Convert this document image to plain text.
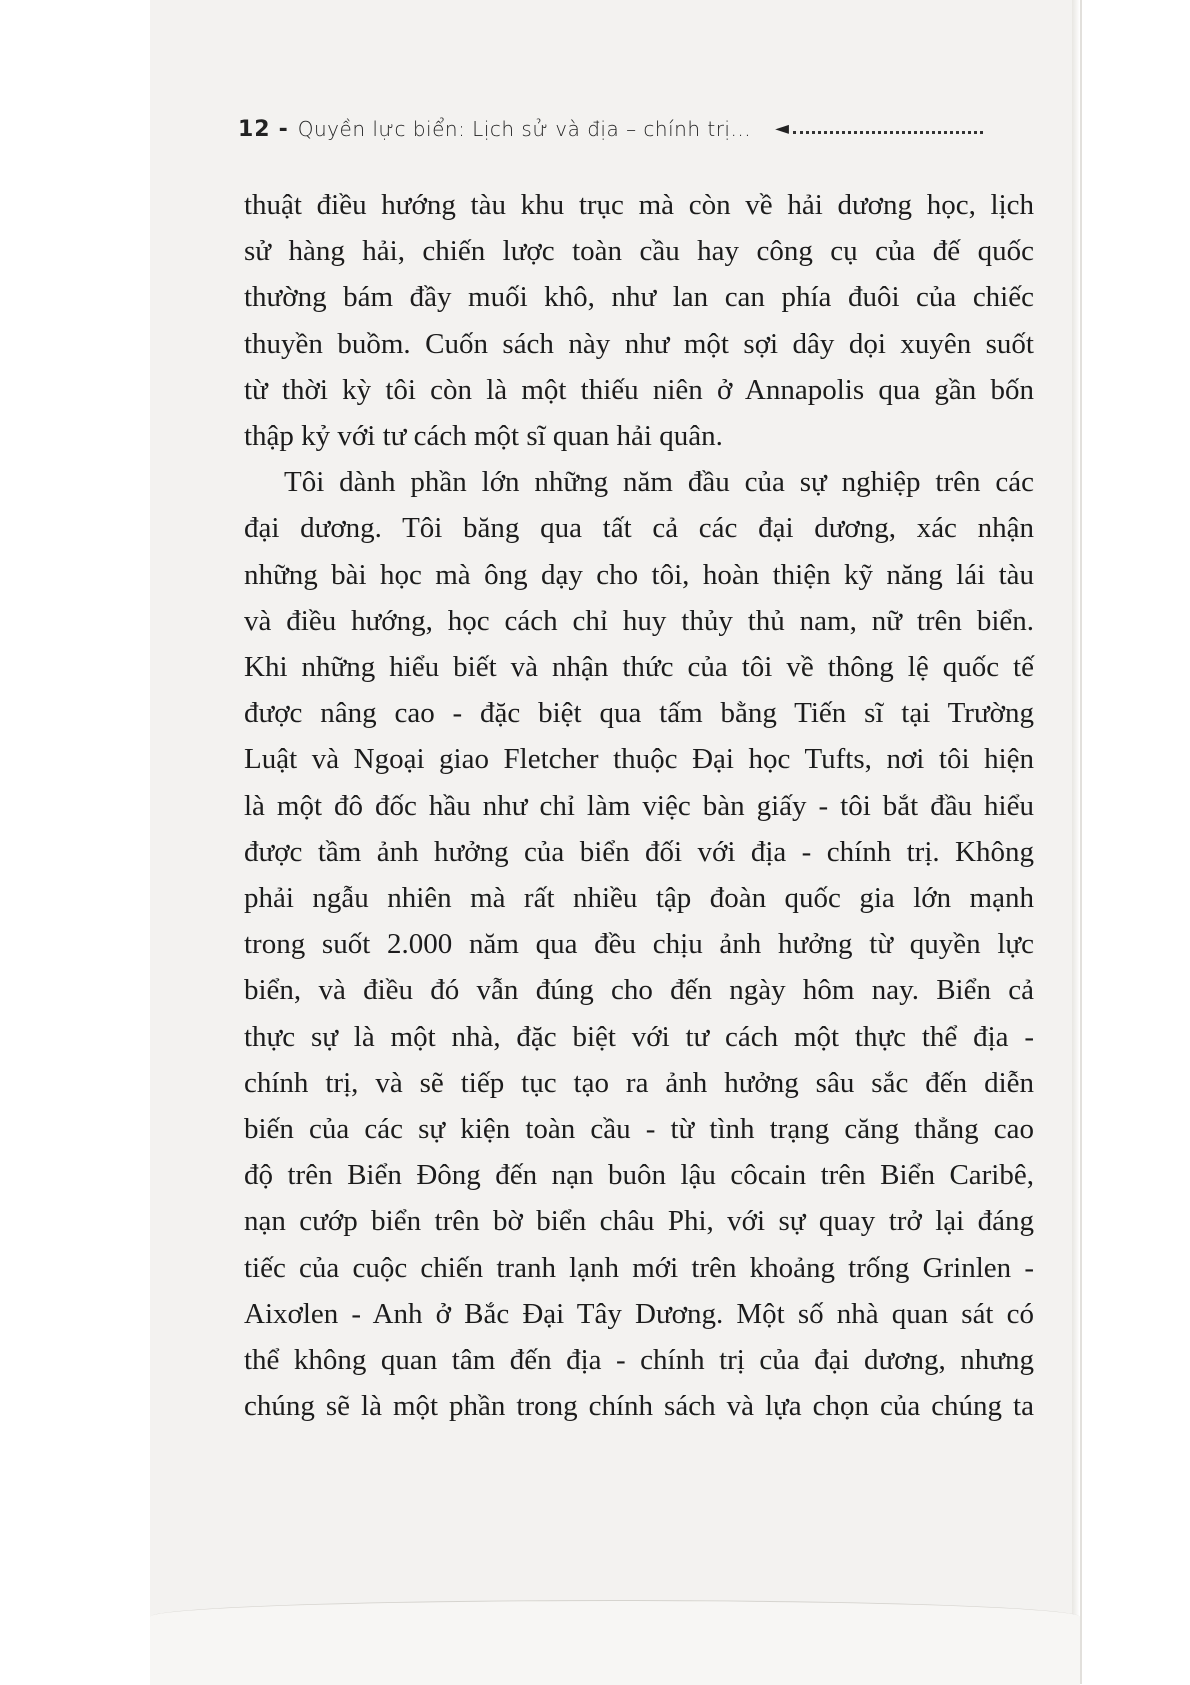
12 - Quyền lực biển: Lịch sử và địa – chính trị... ◄
thuật điều hướng tàu khu trục mà còn về hải dương học, lịch
sử hàng hải, chiến lược toàn cầu hay công cụ của đế quốc
thường bám đầy muối khô, như lan can phía đuôi của chiếc
thuyền buồm. Cuốn sách này như một sợi dây dọi xuyên suốt
từ thời kỳ tôi còn là một thiếu niên ở Annapolis qua gần bốn
thập kỷ với tư cách một sĩ quan hải quân.
Tôi dành phần lớn những năm đầu của sự nghiệp trên các
đại dương. Tôi băng qua tất cả các đại dương, xác nhận
những bài học mà ông dạy cho tôi, hoàn thiện kỹ năng lái tàu
và điều hướng, học cách chỉ huy thủy thủ nam, nữ trên biển.
Khi những hiểu biết và nhận thức của tôi về thông lệ quốc tế
được nâng cao - đặc biệt qua tấm bằng Tiến sĩ tại Trường
Luật và Ngoại giao Fletcher thuộc Đại học Tufts, nơi tôi hiện
là một đô đốc hầu như chỉ làm việc bàn giấy - tôi bắt đầu hiểu
được tầm ảnh hưởng của biển đối với địa - chính trị. Không
phải ngẫu nhiên mà rất nhiều tập đoàn quốc gia lớn mạnh
trong suốt 2.000 năm qua đều chịu ảnh hưởng từ quyền lực
biển, và điều đó vẫn đúng cho đến ngày hôm nay. Biển cả
thực sự là một nhà, đặc biệt với tư cách một thực thể địa -
chính trị, và sẽ tiếp tục tạo ra ảnh hưởng sâu sắc đến diễn
biến của các sự kiện toàn cầu - từ tình trạng căng thẳng cao
độ trên Biển Đông đến nạn buôn lậu côcain trên Biển Caribê,
nạn cướp biển trên bờ biển châu Phi, với sự quay trở lại đáng
tiếc của cuộc chiến tranh lạnh mới trên khoảng trống Grinlen -
Aixơlen - Anh ở Bắc Đại Tây Dương. Một số nhà quan sát có
thể không quan tâm đến địa - chính trị của đại dương, nhưng
chúng sẽ là một phần trong chính sách và lựa chọn của chúng ta
